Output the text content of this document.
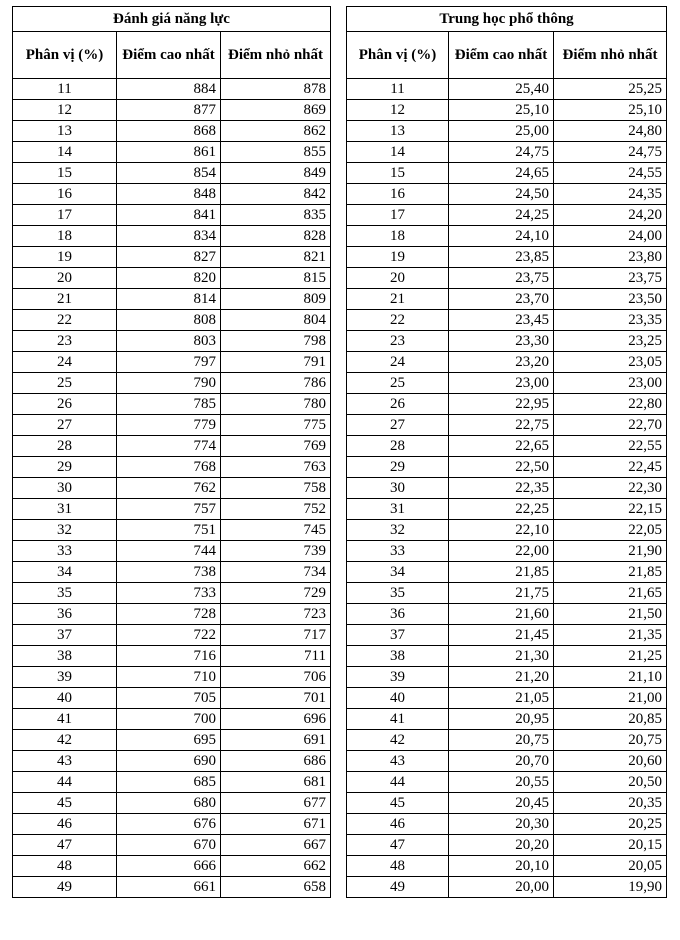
Đánh giá năng lực		
Phân vị (%)	Điểm cao nhất	Điểm nhỏ nhất
11	884	878
12	877	869
13	868	862
14	861	855
15	854	849
16	848	842
17	841	835
18	834	828
19	827	821
20	820	815
21	814	809
22	808	804
23	803	798
24	797	791
25	790	786
26	785	780
27	779	775
28	774	769
29	768	763
30	762	758
31	757	752
32	751	745
33	744	739
34	738	734
35	733	729
36	728	723
37	722	717
38	716	711
39	710	706
40	705	701
41	700	696
42	695	691
43	690	686
44	685	681
45	680	677
46	676	671
47	670	667
48	666	662
49	661	658
Trung học phổ thông		
Phân vị (%)	Điểm cao nhất	Điểm nhỏ nhất
11	25,40	25,25
12	25,10	25,10
13	25,00	24,80
14	24,75	24,75
15	24,65	24,55
16	24,50	24,35
17	24,25	24,20
18	24,10	24,00
19	23,85	23,80
20	23,75	23,75
21	23,70	23,50
22	23,45	23,35
23	23,30	23,25
24	23,20	23,05
25	23,00	23,00
26	22,95	22,80
27	22,75	22,70
28	22,65	22,55
29	22,50	22,45
30	22,35	22,30
31	22,25	22,15
32	22,10	22,05
33	22,00	21,90
34	21,85	21,85
35	21,75	21,65
36	21,60	21,50
37	21,45	21,35
38	21,30	21,25
39	21,20	21,10
40	21,05	21,00
41	20,95	20,85
42	20,75	20,75
43	20,70	20,60
44	20,55	20,50
45	20,45	20,35
46	20,30	20,25
47	20,20	20,15
48	20,10	20,05
49	20,00	19,90
